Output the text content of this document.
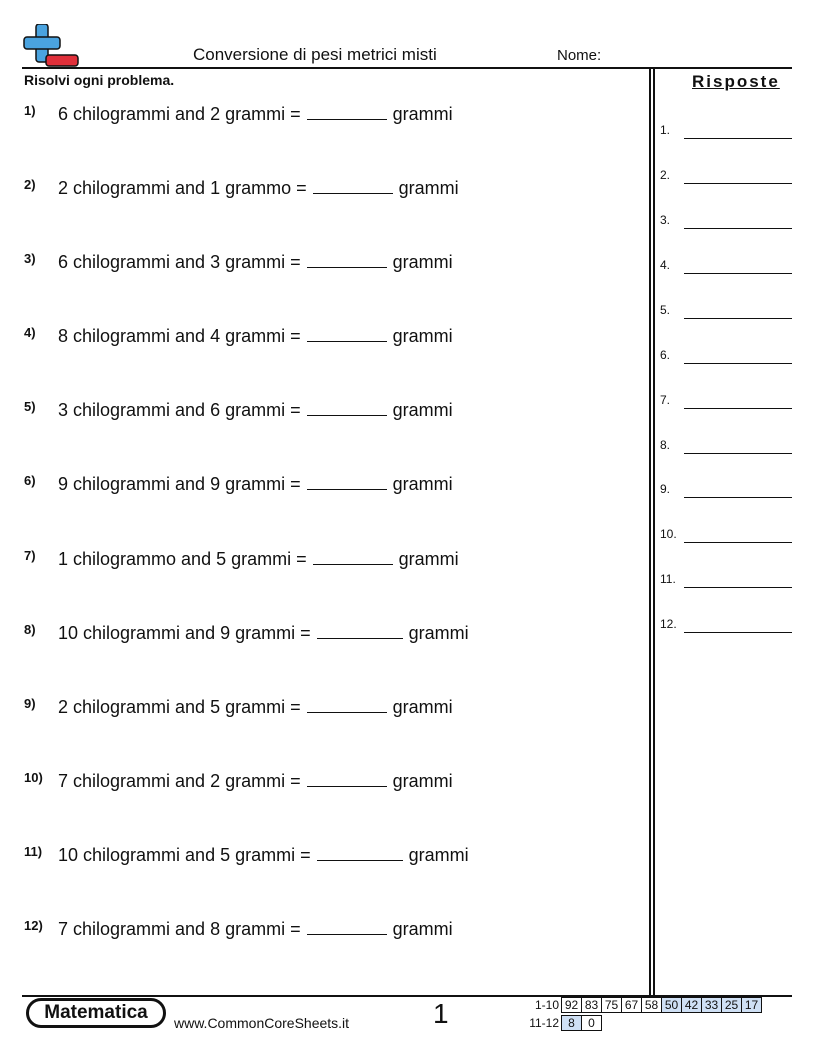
Conversione di pesi metrici misti	Nome:
Risolvi ogni problema.
1)	6 chilogrammi and 2 grammi =	grammi
2)	2 chilogrammi and 1 grammo =	grammi
3)	6 chilogrammi and 3 grammi =	grammi
4)	8 chilogrammi and 4 grammi =	grammi
5)	3 chilogrammi and 6 grammi =	grammi
6)	9 chilogrammi and 9 grammi =	grammi
7)	1 chilogrammo and 5 grammi =	grammi
8)	10 chilogrammi and 9 grammi =	grammi
9)	2 chilogrammi and 5 grammi =	grammi
10) 7 chilogrammi and 2 grammi =	grammi
11) 10 chilogrammi and 5 grammi =	grammi
12) 7 chilogrammi and 8 grammi =	grammi
Risposte
1.
2.
3.
4.
5.
6.
7.
8.
9.
10.
11.
12.
Matematica	www.CommonCoreSheets.it	1	1-10 92 83 75 67 58 50 42 33 25 17
11-12 8	0
